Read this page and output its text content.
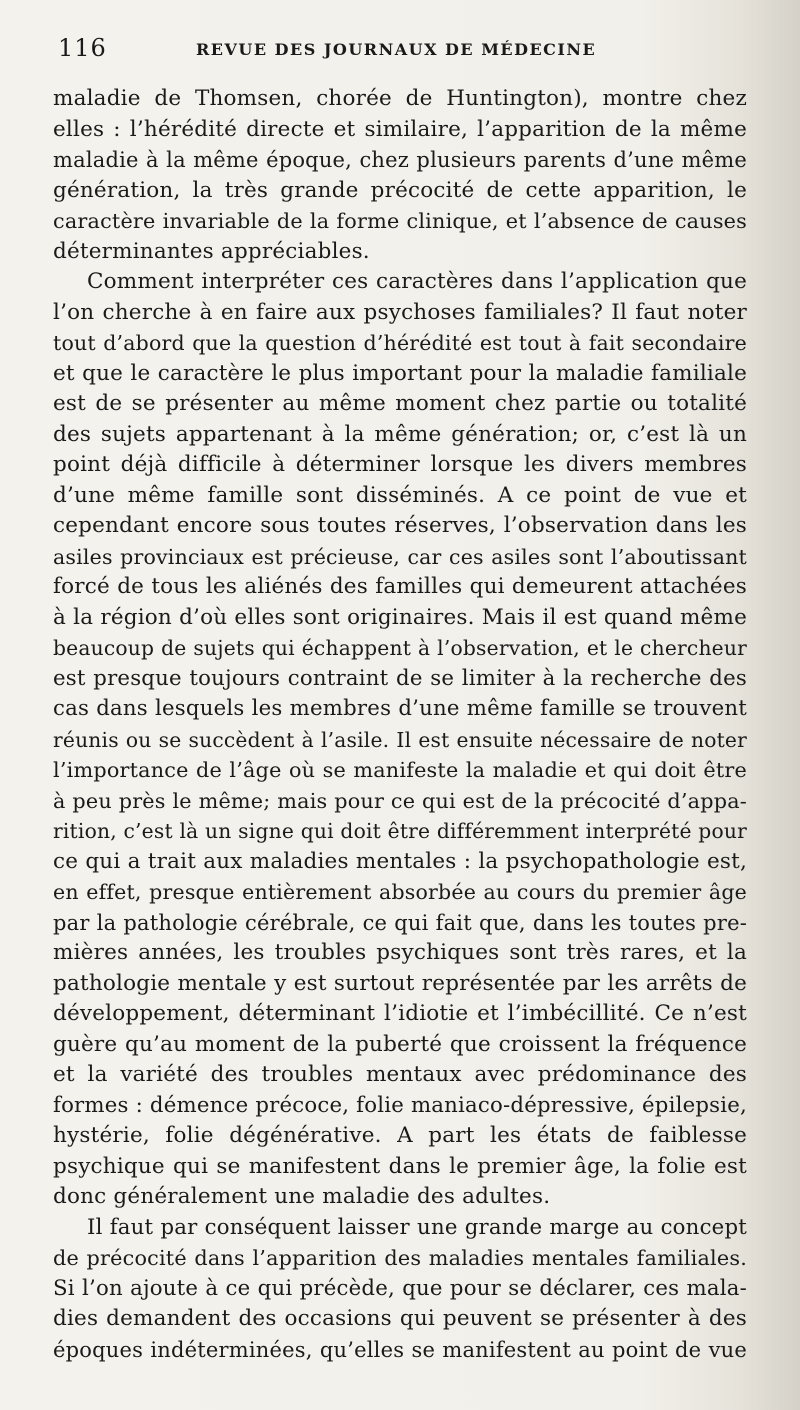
116	REVUE DES JOURNAUX DE MÉDECINE
maladie de Thomsen, chorée de Huntington), montre chez
elles : l’hérédité directe et similaire, l’apparition de la même
maladie à la même époque, chez plusieurs parents d’une même
génération, la très grande précocité de cette apparition, le
caractère invariable de la forme clinique, et l’absence de causes
déterminantes appréciables.
Comment interpréter ces caractères dans l’application que
l’on cherche à en faire aux psychoses familiales? Il faut noter
tout d’abord que la question d’hérédité est tout à fait secondaire
et que le caractère le plus important pour la maladie familiale
est de se présenter au même moment chez partie ou totalité
des sujets appartenant à la même génération; or, c’est là un
point déjà difficile à déterminer lorsque les divers membres
d’une même famille sont disséminés. A ce point de vue et
cependant encore sous toutes réserves, l’observation dans les
asiles provinciaux est précieuse, car ces asiles sont l’aboutissant
forcé de tous les aliénés des familles qui demeurent attachées
à la région d’où elles sont originaires. Mais il est quand même
beaucoup de sujets qui échappent à l’observation, et le chercheur
est presque toujours contraint de se limiter à la recherche des
cas dans lesquels les membres d’une même famille se trouvent
réunis ou se succèdent à l’asile. Il est ensuite nécessaire de noter
l’importance de l’âge où se manifeste la maladie et qui doit être
à peu près le même; mais pour ce qui est de la précocité d’appa-
rition, c’est là un signe qui doit être différemment interprété pour
ce qui a trait aux maladies mentales : la psychopathologie est,
en effet, presque entièrement absorbée au cours du premier âge
par la pathologie cérébrale, ce qui fait que, dans les toutes pre-
mières années, les troubles psychiques sont très rares, et la
pathologie mentale y est surtout représentée par les arrêts de
développement, déterminant l’idiotie et l’imbécillité. Ce n’est
guère qu’au moment de la puberté que croissent la fréquence
et la variété des troubles mentaux avec prédominance des
formes : démence précoce, folie maniaco-dépressive, épilepsie,
hystérie, folie dégénérative. A part les états de faiblesse
psychique qui se manifestent dans le premier âge, la folie est
donc généralement une maladie des adultes.
Il faut par conséquent laisser une grande marge au concept
de précocité dans l’apparition des maladies mentales familiales.
Si l’on ajoute à ce qui précède, que pour se déclarer, ces mala-
dies demandent des occasions qui peuvent se présenter à des
époques indéterminées, qu’elles se manifestent au point de vue
